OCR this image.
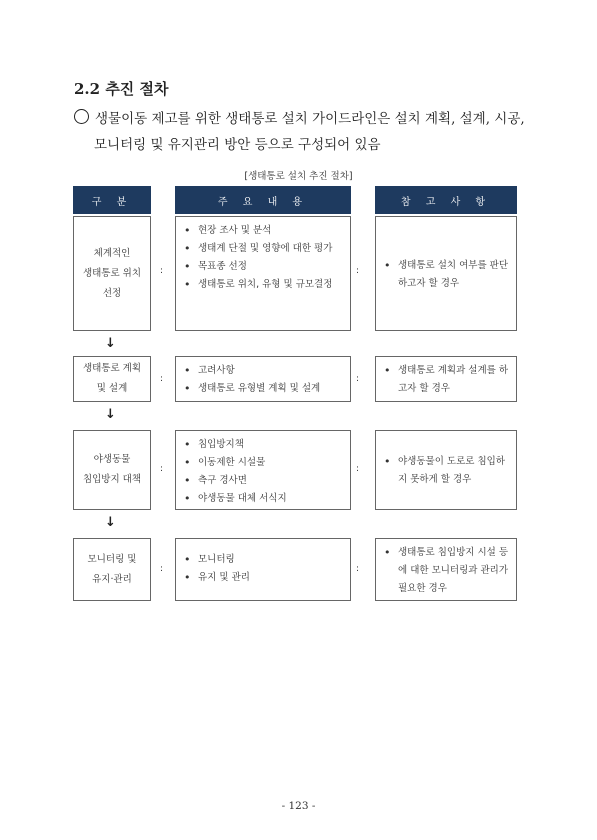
2.2 추진 절차
생물이동 제고를 위한 생태통로 설치 가이드라인은 설치 계획, 설계, 시공,
모니터링 및 유지관리 방안 등으로 구성되어 있음
[생태통로 설치 추진 절차]
구 분	주 요 내 용	참 고 사 항
체계적인
생태통로 위치
선정
:
• 현장 조사 및 분석
• 생태계 단절 및 영향에 대한 평가
• 목표종 선정
• 생태통로 위치, 유형 및 규모결정
:
•	생태통로 설치 여부를 판단하고자 할 경우
↓
생태통로 계획
및 설계
:
• 고려사항
• 생태통로 유형별 계획 및 설계
:
• 생태통로 계획과 설계를 하고자 할 경우
↓
야생동물
침입방지 대책
:
• 침입방지책
• 이동제한 시설물
• 측구 경사면
• 야생동물 대체 서식지
:
• 야생동물이 도로로 침입하지 못하게 할 경우
↓
모니터링 및
유지·관리
:
• 모니터링
• 유지 및 관리
:
• 생태통로 침입방지 시설 등에 대한 모니터링과 관리가 필요한 경우
- 123 -
